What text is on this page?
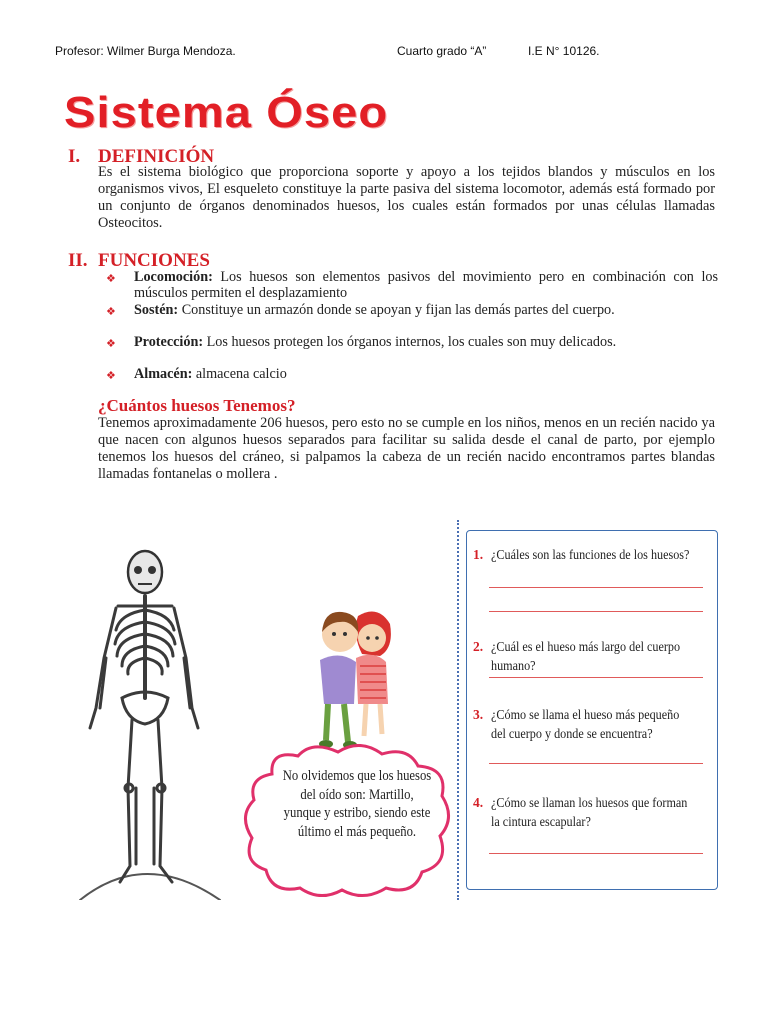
Profesor: Wilmer Burga Mendoza.	Cuarto grado “A”	I.E N° 10126.
Sistema Óseo
I. DEFINICIÓN
Es el sistema biológico que proporciona soporte y apoyo a los tejidos blandos y músculos en los organismos vivos, El esqueleto constituye la parte pasiva del sistema locomotor, además está formado por un conjunto de órganos denominados huesos, los cuales están formados por unas células llamadas Osteocitos.
II. FUNCIONES
❖ Locomoción: Los huesos son elementos pasivos del movimiento pero en combinación con los músculos permiten el desplazamiento
❖ Sostén: Constituye un armazón donde se apoyan y fijan las demás partes del cuerpo.
❖ Protección: Los huesos protegen los órganos internos, los cuales son muy delicados.
❖ Almacén: almacena calcio
¿Cuántos huesos Tenemos?
Tenemos aproximadamente 206 huesos, pero esto no se cumple en los niños, menos en un recién nacido ya que nacen con algunos huesos separados para facilitar su salida desde el canal de parto, por ejemplo tenemos los huesos del cráneo, si palpamos la cabeza de un recién nacido encontramos partes blandas llamadas fontanelas o mollera .
No olvidemos que los huesos del oído son: Martillo, yunque y estribo, siendo este último el más pequeño.
1. ¿Cuáles son las funciones de los huesos?
2. ¿Cuál es el hueso más largo del cuerpo humano?
3. ¿Cómo se llama el hueso más pequeño del cuerpo y donde se encuentra?
4. ¿Cómo se llaman los huesos que forman la cintura escapular?
